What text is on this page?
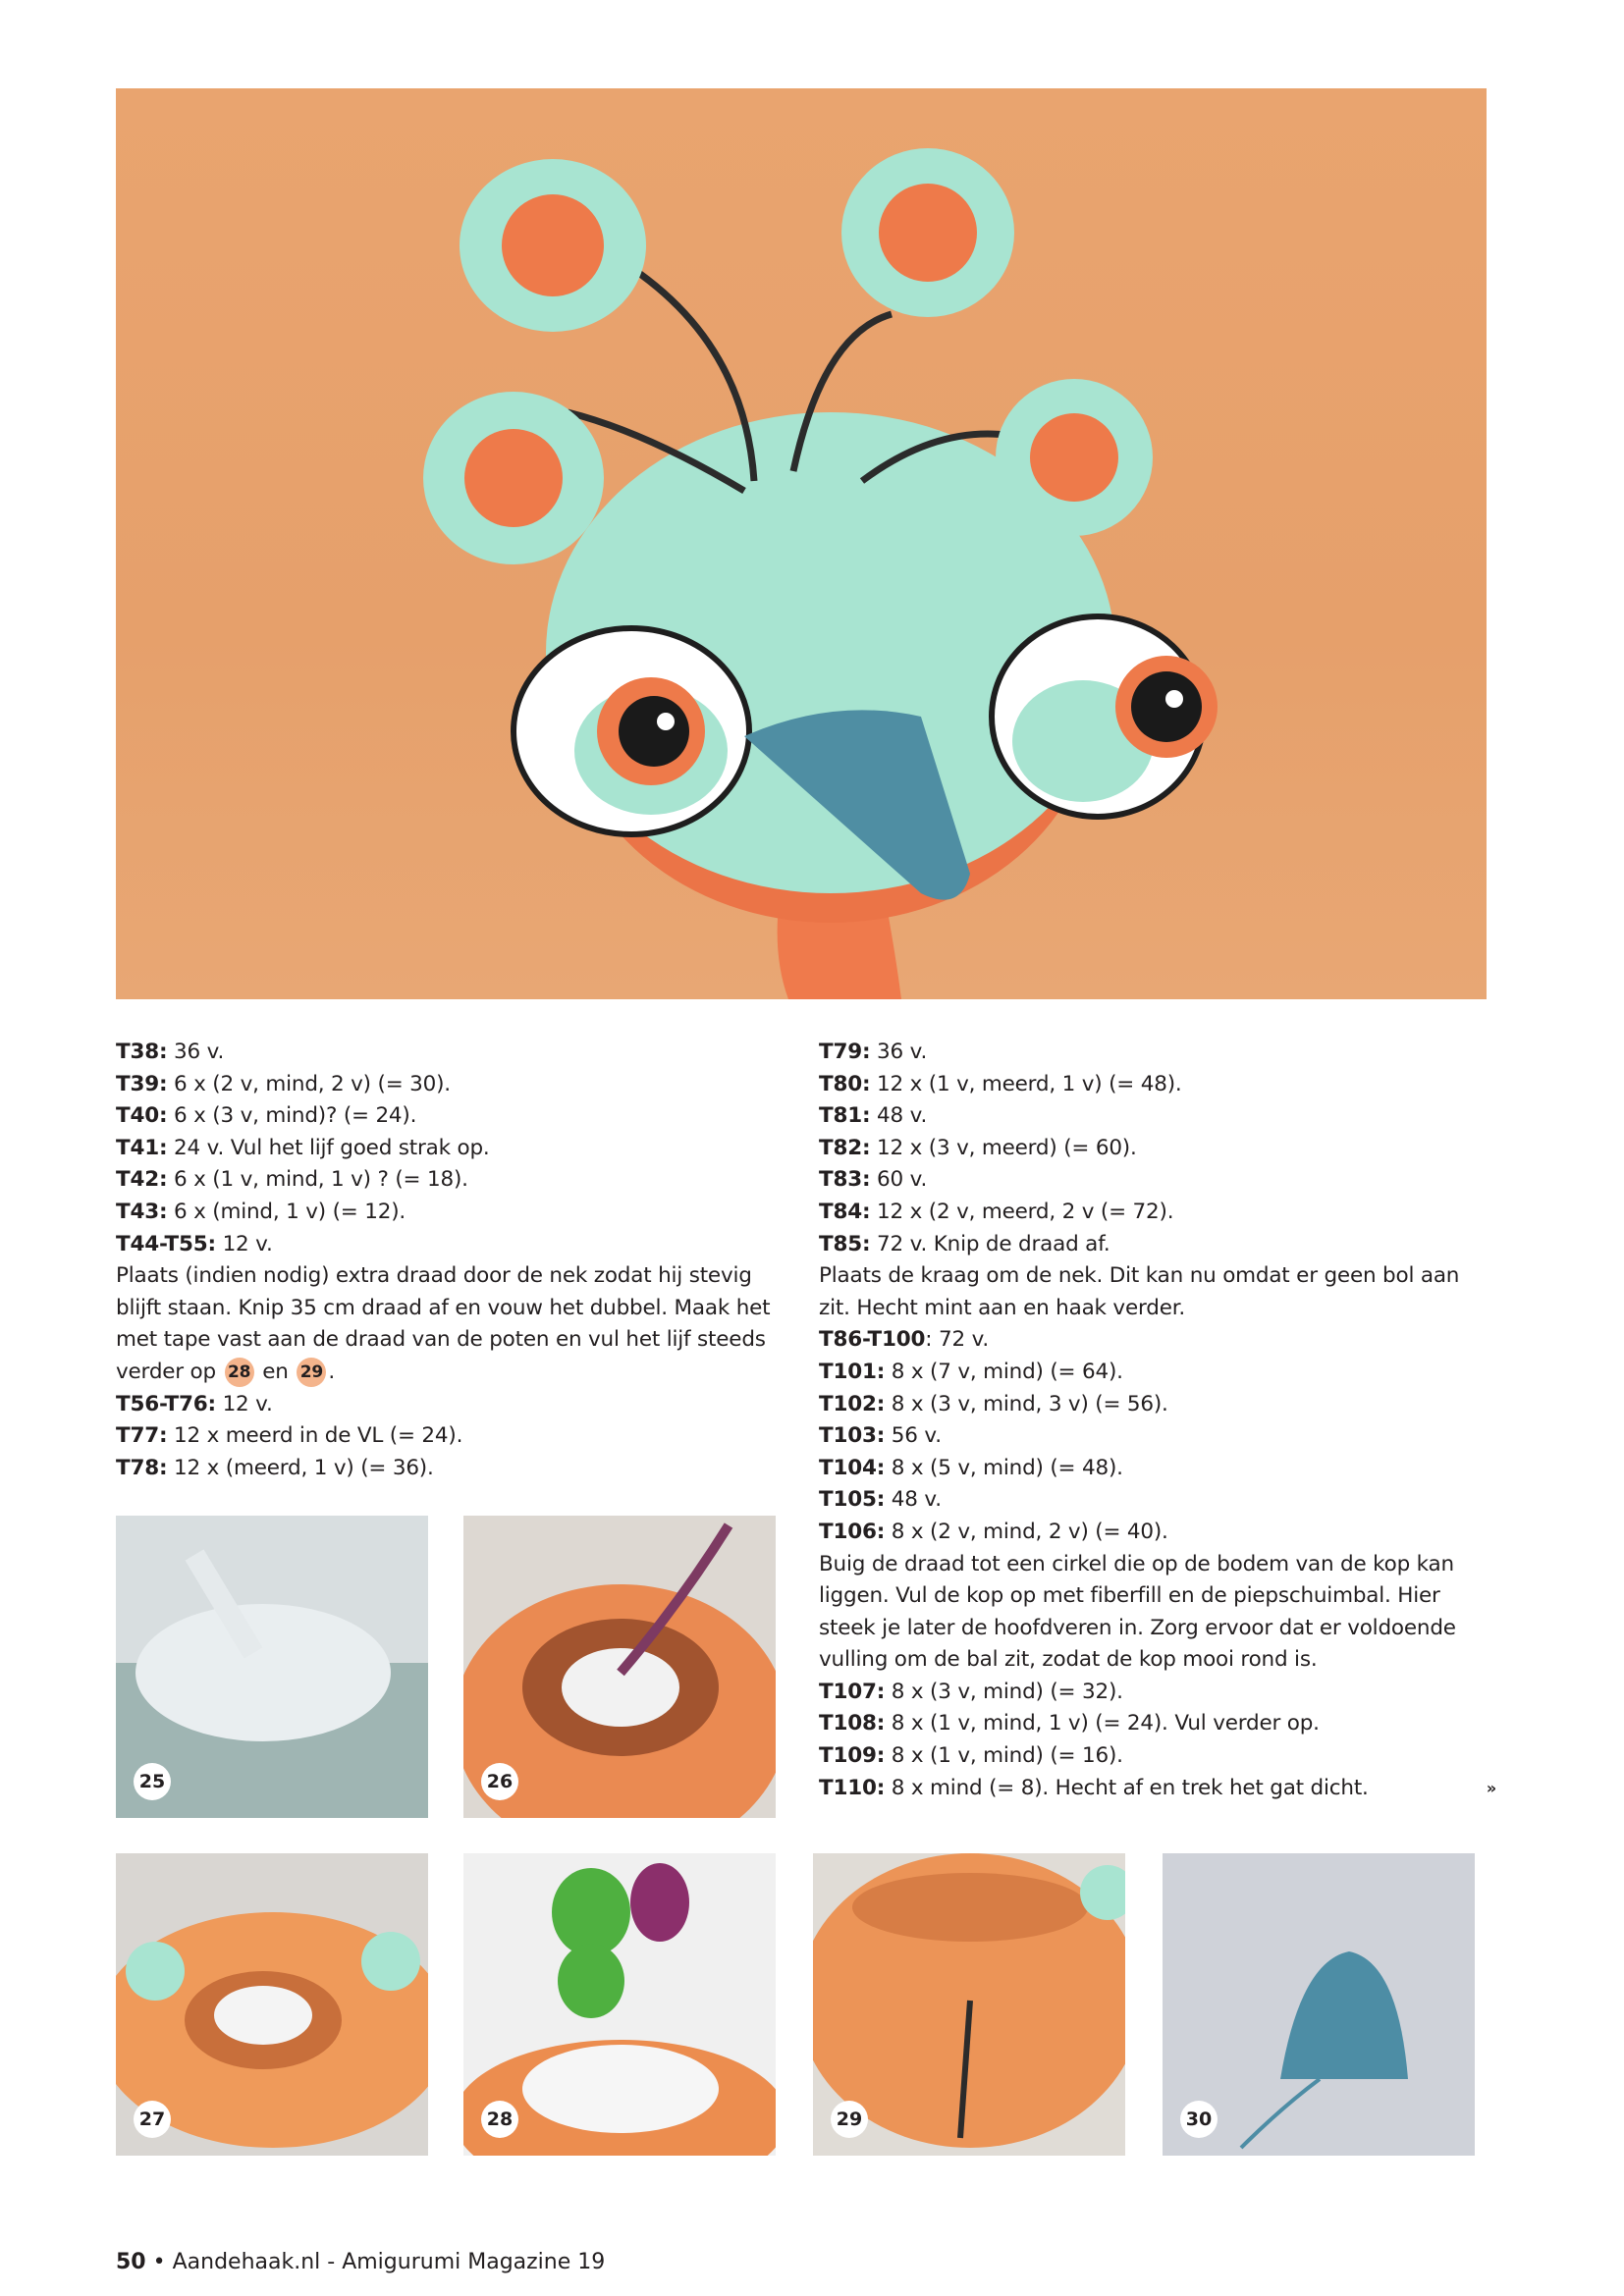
T38: 36 v.
T39: 6 x (2 v, mind, 2 v) (= 30).
T40: 6 x (3 v, mind)? (= 24).
T41: 24 v. Vul het lijf goed strak op.
T42: 6 x (1 v, mind, 1 v) ? (= 18).
T43: 6 x (mind, 1 v) (= 12).
T44-T55: 12 v.
Plaats (indien nodig) extra draad door de nek zodat hij stevig blijft staan. Knip 35 cm draad af en vouw het dubbel. Maak het met tape vast aan de draad van de poten en vul het lijf steeds verder op 28 en 29 .
T56-T76: 12 v.
T77: 12 x meerd in de VL (= 24).
T78: 12 x (meerd, 1 v) (= 36).
T79: 36 v.
T80: 12 x (1 v, meerd, 1 v) (= 48).
T81: 48 v.
T82: 12 x (3 v, meerd) (= 60).
T83: 60 v.
T84: 12 x (2 v, meerd, 2 v (= 72).
T85: 72 v. Knip de draad af.
Plaats de kraag om de nek. Dit kan nu omdat er geen bol aan zit. Hecht mint aan en haak verder.
T86-T100: 72 v.
T101: 8 x (7 v, mind) (= 64).
T102: 8 x (3 v, mind, 3 v) (= 56).
T103: 56 v.
T104: 8 x (5 v, mind) (= 48).
T105: 48 v.
T106: 8 x (2 v, mind, 2 v) (= 40).
Buig de draad tot een cirkel die op de bodem van de kop kan liggen. Vul de kop op met fiberfill en de piepschuimbal. Hier steek je later de hoofdveren in. Zorg ervoor dat er voldoende vulling om de bal zit, zodat de kop mooi rond is.
T107: 8 x (3 v, mind) (= 32).
T108: 8 x (1 v, mind, 1 v) (= 24). Vul verder op.
T109: 8 x (1 v, mind) (= 16).
T110: 8 x mind (= 8). Hecht af en trek het gat dicht.	»
25	26
27	28	29	30
50 • Aandehaak.nl - Amigurumi Magazine 19
